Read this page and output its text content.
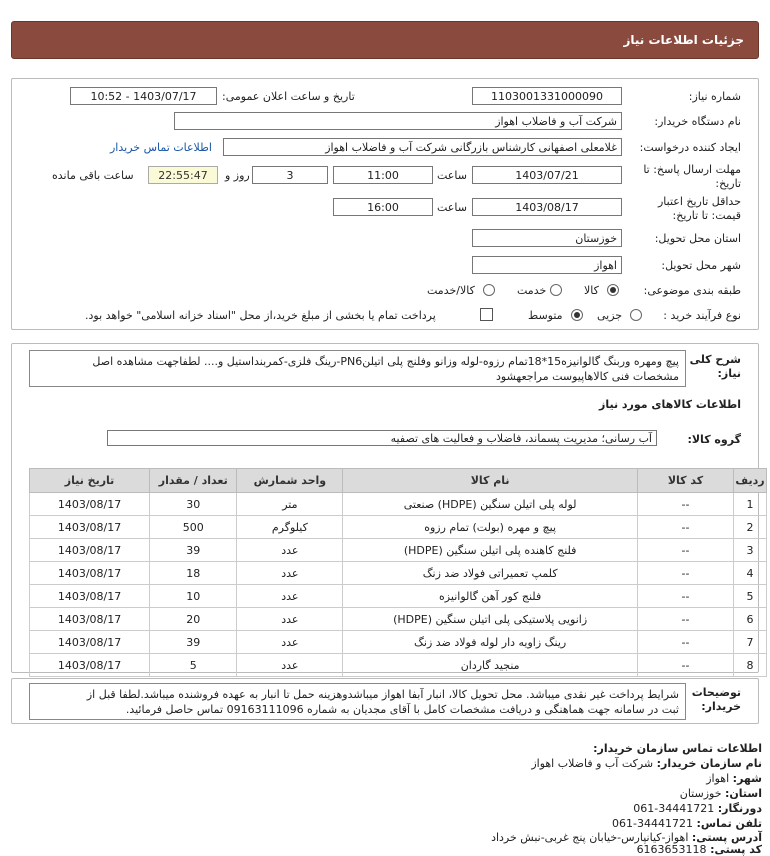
جزئیات اطلاعات نیاز
شماره نیاز:
1103001331000090
تاریخ و ساعت اعلان عمومی:
1403/07/17 - 10:52
نام دستگاه خریدار:
شرکت آب و فاضلاب اهواز
ایجاد کننده درخواست:
غلامعلی اصفهانی کارشناس بازرگانی شرکت آب و فاضلاب اهواز
اطلاعات تماس خریدار
مهلت ارسال پاسخ: تا
تاریخ:
1403/07/21
ساعت
11:00
3
روز و
22:55:47
ساعت باقی مانده
حداقل تاریخ اعتبار
قیمت: تا تاریخ:
1403/08/17
ساعت
16:00
استان محل تحویل:
خوزستان
شهر محل تحویل:
اهواز
طبقه بندی موضوعی:
کالا
خدمت
کالا/خدمت
نوع فرآیند خرید :
جزیی
متوسط
پرداخت تمام یا بخشی از مبلغ خرید،از محل "اسناد خزانه اسلامی" خواهد بود.
شرح کلی
نیاز:
پیچ ومهره وربنگ گالوانیزه15*18تمام رزوه-لوله وزانو وفلنج پلی اتیلنPN6-رینگ فلزی-کمربنداستیل و.... لطفاجهت مشاهده اصل
مشخصات فنی کالاهاپیوست مراجعهشود
اطلاعات کالاهای مورد نیاز
گروه کالا:
آب رسانی؛ مدیریت پسماند، فاضلاب و فعالیت های تصفیه
ردیف	کد کالا	نام کالا	واحد شمارش	تعداد / مقدار	تاریخ نیاز
1	--	لوله پلی اتیلن سنگین (HDPE) صنعتی	متر	30	1403/08/17
2	--	پیچ و مهره (بولت) تمام رزوه	کیلوگرم	500	1403/08/17
3	--	فلنج کاهنده پلی اتیلن سنگین (HDPE)	عدد	39	1403/08/17
4	--	کلمپ تعمیراتی فولاد ضد زنگ	عدد	18	1403/08/17
5	--	فلنج کور آهن گالوانیزه	عدد	10	1403/08/17
6	--	زانویی پلاستیکی پلی اتیلن سنگین (HDPE)	عدد	20	1403/08/17
7	--	رینگ زاویه دار لوله فولاد ضد زنگ	عدد	39	1403/08/17
8	--	منجید گاردان	عدد	5	1403/08/17
توضیحات
خریدار:
شرایط پرداخت غیر نقدی میباشد. محل تحویل کالا، انبار آبفا اهواز میباشدوهزینه حمل تا انبار به عهده فروشنده میباشد.لطفا قبل از
ثبت در سامانه جهت هماهنگی و دریافت مشخصات کامل با آقای مجدیان به شماره 09163111096 تماس حاصل فرمائید.
اطلاعات تماس سازمان خریدار:
نام سازمان خریدار: شرکت آب و فاضلاب اهواز
شهر: اهواز
استان: خوزستان
دورنگار: 34441721-061
تلفن تماس: 34441721-061
آدرس پستی: اهواز-کیانپارس-خیابان پنج غربی-نبش خرداد
کد پستی: 6163653118
